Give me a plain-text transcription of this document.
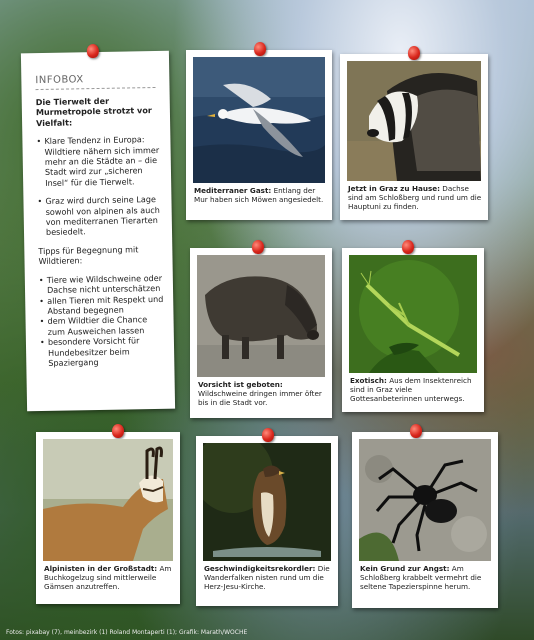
INFOBOX

Die Tierwelt der Murmetropole strotzt vor Vielfalt:

• Klare Tendenz in Europa: Wildtiere nähern sich immer mehr an die Städte an – die Stadt wird zur „sicheren Insel“ für die Tierwelt.
• Graz wird durch seine Lage sowohl von alpinen als auch von mediterranen Tierarten besiedelt.

Tipps für Begegnung mit Wildtieren:

• Tiere wie Wildschweine oder Dachse nicht unterschätzen
• allen Tieren mit Respekt und Abstand begegnen
• dem Wildtier die Chance zum Ausweichen lassen
• besondere Vorsicht für Hundebesitzer beim Spaziergang
Mediterraner Gast: Entlang der Mur haben sich Möwen angesiedelt.
Jetzt in Graz zu Hause: Dachse sind am Schloßberg und rund um die Hauptuni zu finden.
Vorsicht ist geboten: Wildschweine dringen immer öfter bis in die Stadt vor.
Exotisch: Aus dem Insektenreich sind in Graz viele Gottesanbeterinnen unterwegs.
Alpinisten in der Großstadt: Am Buchkogelzug sind mittlerweile Gämsen anzutreffen.
Geschwindigkeitsrekordler: Die Wanderfalken nisten rund um die Herz-Jesu-Kirche.
Kein Grund zur Angst: Am Schloßberg krabbelt vermehrt die seltene Tapezierspinne herum.
Fotos: pixabay (7), meinbezirk (1) Roland Montaperti (1); Grafik: Marath/WOCHE
